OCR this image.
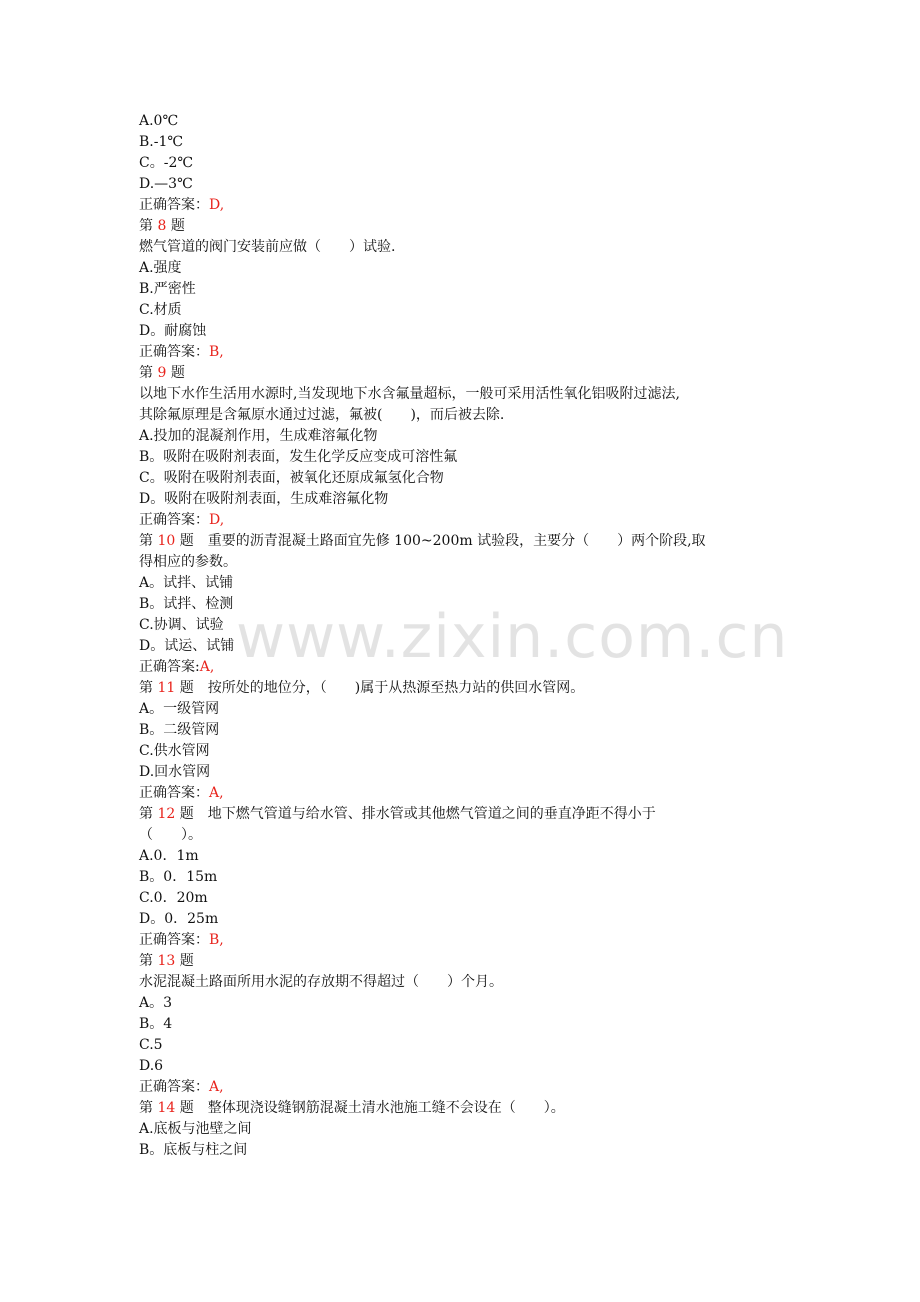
A.0℃
B.-1℃
C。-2℃
D.—3℃
正确答案：D,
第 8 题
燃气管道的阀门安装前应做（　　）试验.
A.强度
B.严密性
C.材质
D。耐腐蚀
正确答案：B,
第 9 题
以地下水作生活用水源时,当发现地下水含氟量超标，一般可采用活性氧化铝吸附过滤法,
其除氟原理是含氟原水通过过滤，氟被(　　)，而后被去除.
A.投加的混凝剂作用，生成难溶氟化物
B。吸附在吸附剂表面，发生化学反应变成可溶性氟
C。吸附在吸附剂表面，被氧化还原成氟氢化合物
D。吸附在吸附剂表面，生成难溶氟化物
正确答案：D,
第 10 题　重要的沥青混凝土路面宜先修 100~200m 试验段，主要分（　　）两个阶段,取
得相应的参数。
A。试拌、试铺
B。试拌、检测
C.协调、试验
D。试运、试铺
正确答案:A,
第 11 题　按所处的地位分，（　　)属于从热源至热力站的供回水管网。
A。一级管网
B。二级管网
C.供水管网
D.回水管网
正确答案：A,
第 12 题　地下燃气管道与给水管、排水管或其他燃气管道之间的垂直净距不得小于
（　　）。
A.0．1m
B。0．15m
C.0．20m
D。0．25m
正确答案：B,
第 13 题
水泥混凝土路面所用水泥的存放期不得超过（　　）个月。
A。3
B。4
C.5
D.6
正确答案：A,
第 14 题　整体现浇设缝钢筋混凝土清水池施工缝不会设在（　　）。
A.底板与池壁之间
B。底板与柱之间
www.zixin.com.cn
